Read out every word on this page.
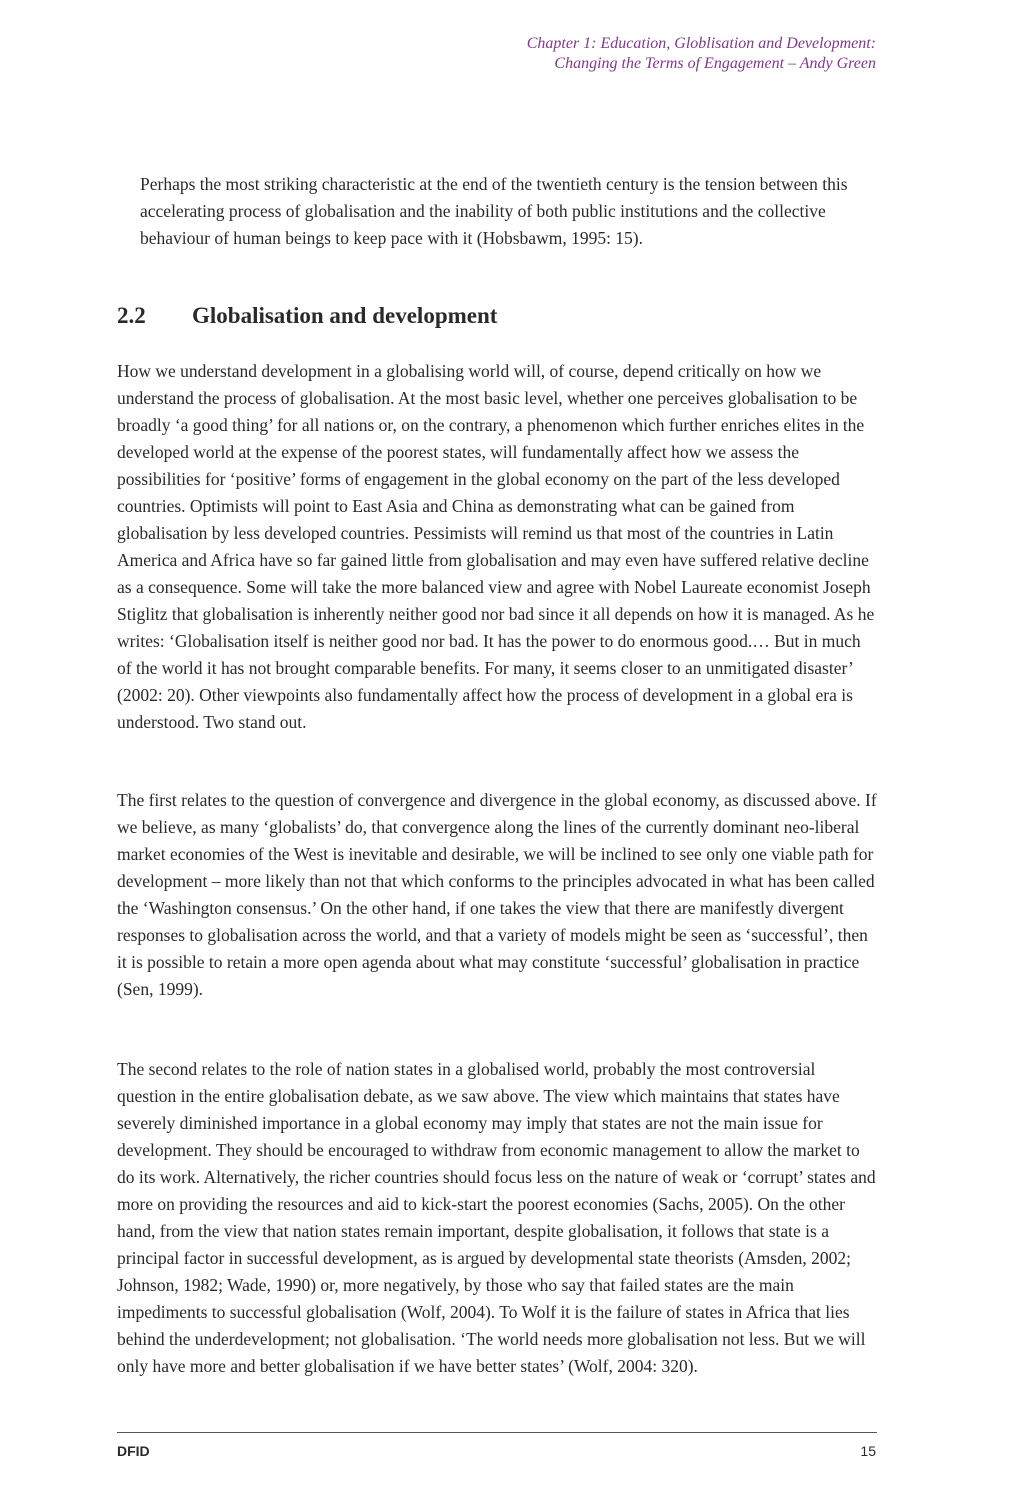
Chapter 1: Education, Globlisation and Development:
Changing the Terms of Engagement – Andy Green

Perhaps the most striking characteristic at the end of the twentieth century is the tension between this accelerating process of globalisation and the inability of both public institutions and the collective behaviour of human beings to keep pace with it (Hobsbawm, 1995: 15).

2.2 Globalisation and development

How we understand development in a globalising world will, of course, depend critically on how we understand the process of globalisation. At the most basic level, whether one perceives globalisation to be broadly ‘a good thing’ for all nations or, on the contrary, a phenomenon which further enriches elites in the developed world at the expense of the poorest states, will fundamentally affect how we assess the possibilities for ‘positive’ forms of engagement in the global economy on the part of the less developed countries. Optimists will point to East Asia and China as demonstrating what can be gained from globalisation by less developed countries. Pessimists will remind us that most of the countries in Latin America and Africa have so far gained little from globalisation and may even have suffered relative decline as a consequence. Some will take the more balanced view and agree with Nobel Laureate economist Joseph Stiglitz that globalisation is inherently neither good nor bad since it all depends on how it is managed. As he writes: ‘Globalisation itself is neither good nor bad. It has the power to do enormous good.… But in much of the world it has not brought comparable benefits. For many, it seems closer to an unmitigated disaster’ (2002: 20). Other viewpoints also fundamentally affect how the process of development in a global era is understood. Two stand out.

The first relates to the question of convergence and divergence in the global economy, as discussed above. If we believe, as many ‘globalists’ do, that convergence along the lines of the currently dominant neo-liberal market economies of the West is inevitable and desirable, we will be inclined to see only one viable path for development – more likely than not that which conforms to the principles advocated in what has been called the ‘Washington consensus.’ On the other hand, if one takes the view that there are manifestly divergent responses to globalisation across the world, and that a variety of models might be seen as ‘successful’, then it is possible to retain a more open agenda about what may constitute ‘successful’ globalisation in practice (Sen, 1999).

The second relates to the role of nation states in a globalised world, probably the most controversial question in the entire globalisation debate, as we saw above. The view which maintains that states have severely diminished importance in a global economy may imply that states are not the main issue for development. They should be encouraged to withdraw from economic management to allow the market to do its work. Alternatively, the richer countries should focus less on the nature of weak or ‘corrupt’ states and more on providing the resources and aid to kick-start the poorest economies (Sachs, 2005). On the other hand, from the view that nation states remain important, despite globalisation, it follows that state is a principal factor in successful development, as is argued by developmental state theorists (Amsden, 2002; Johnson, 1982; Wade, 1990) or, more negatively, by those who say that failed states are the main impediments to successful globalisation (Wolf, 2004). To Wolf it is the failure of states in Africa that lies behind the underdevelopment; not globalisation. ‘The world needs more globalisation not less. But we will only have more and better globalisation if we have better states’ (Wolf, 2004: 320).

DFID	15
